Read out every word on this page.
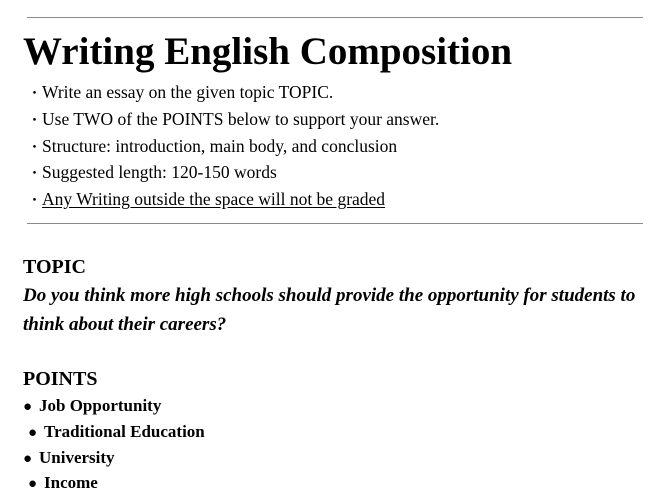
Writing English Composition
・ Write an essay on the given topic TOPIC.
・ Use TWO of the POINTS below to support your answer.
・ Structure: introduction, main body, and conclusion
・ Suggested length: 120-150 words
・ Any Writing outside the space will not be graded
TOPIC

Do you think more high schools should provide the opportunity for students to think about their careers?

POINTS
● Job Opportunity
● Traditional Education
● University
● Income
